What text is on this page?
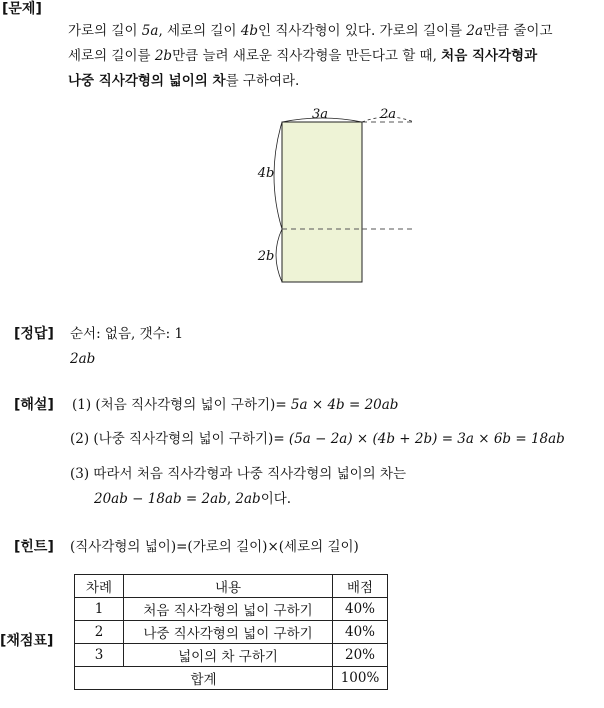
[문제]
가로의 길이 5a, 세로의 길이 4b인 직사각형이 있다. 가로의 길이를 2a만큼 줄이고
세로의 길이를 2b만큼 늘려 새로운 직사각형을 만든다고 할 때, 처음 직사각형과
나중 직사각형의 넓이의 차를 구하여라.
3a	2a
4b
2b
[정답] 순서: 없음, 갯수: 1
2ab
[해설] (1) (처음 직사각형의 넓이 구하기)= 5a × 4b = 20ab
(2) (나중 직사각형의 넓이 구하기)= (5a − 2a) × (4b + 2b) = 3a × 6b = 18ab
(3) 따라서 처음 직사각형과 나중 직사각형의 넓이의 차는
20ab − 18ab = 2ab, 2ab이다.
[힌트] (직사각형의 넓이)=(가로의 길이)×(세로의 길이)
[채점표]
차례	내용	배점
1	처음 직사각형의 넓이 구하기	40%
2	나중 직사각형의 넓이 구하기	40%
3	넓이의 차 구하기	20%
합계		100%
